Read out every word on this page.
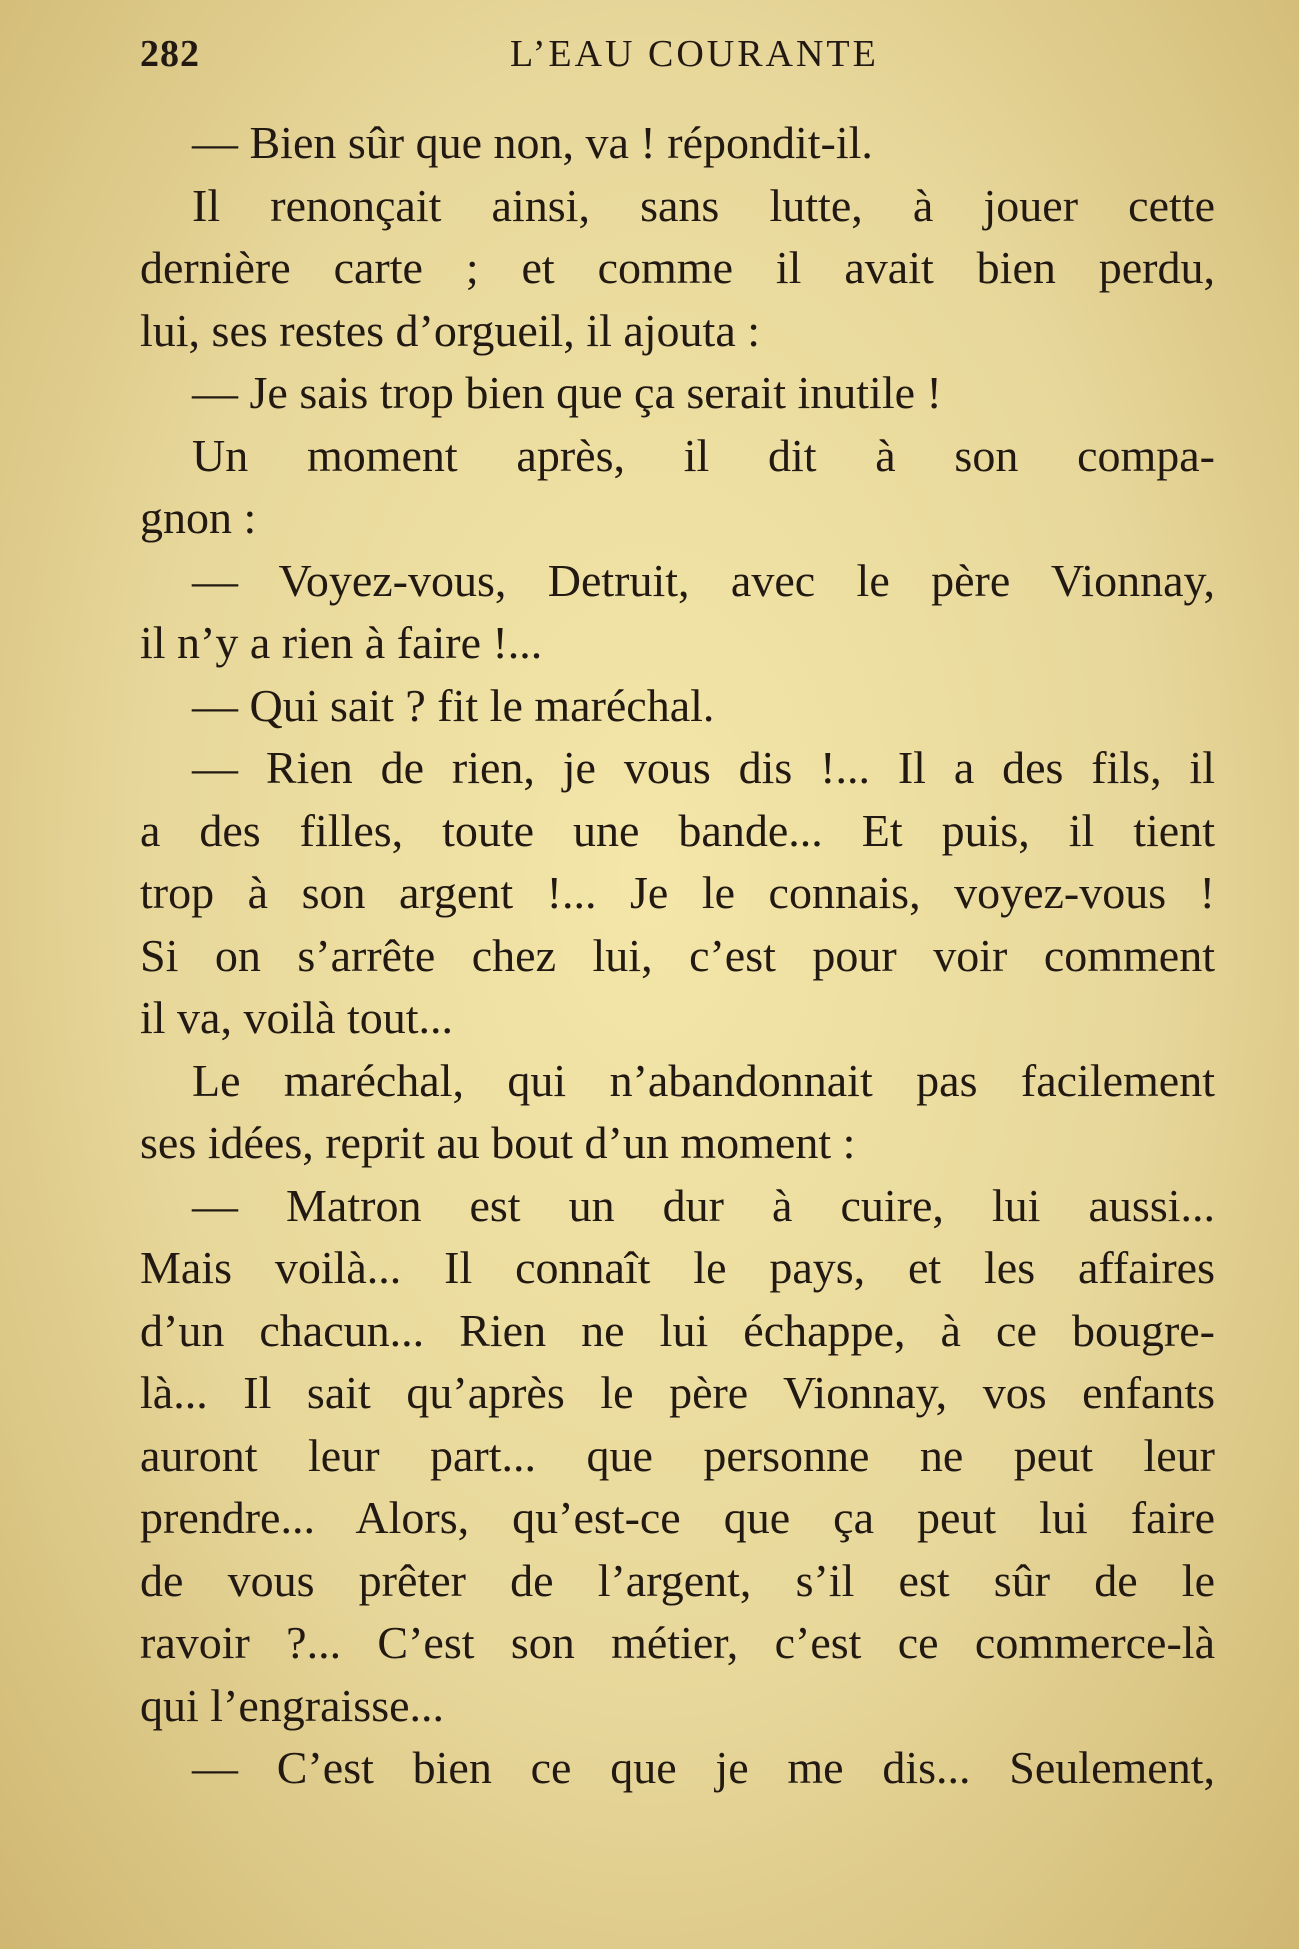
282	L’EAU COURANTE
— Bien sûr que non, va ! répondit-il.
Il renonçait ainsi, sans lutte, à jouer cette
dernière carte ; et comme il avait bien perdu,
lui, ses restes d’orgueil, il ajouta :
— Je sais trop bien que ça serait inutile !
Un moment après, il dit à son compa-
gnon :
— Voyez-vous, Detruit, avec le père Vionnay,
il n’y a rien à faire !...
— Qui sait ? fit le maréchal.
— Rien de rien, je vous dis !... Il a des fils, il
a des filles, toute une bande... Et puis, il tient
trop à son argent !... Je le connais, voyez-vous !
Si on s’arrête chez lui, c’est pour voir comment
il va, voilà tout...
Le maréchal, qui n’abandonnait pas facilement
ses idées, reprit au bout d’un moment :
— Matron est un dur à cuire, lui aussi...
Mais voilà... Il connaît le pays, et les affaires
d’un chacun... Rien ne lui échappe, à ce bougre-
là... Il sait qu’après le père Vionnay, vos enfants
auront leur part... que personne ne peut leur
prendre... Alors, qu’est-ce que ça peut lui faire
de vous prêter de l’argent, s’il est sûr de le
ravoir ?... C’est son métier, c’est ce commerce-là
qui l’engraisse...
— C’est bien ce que je me dis... Seulement,
